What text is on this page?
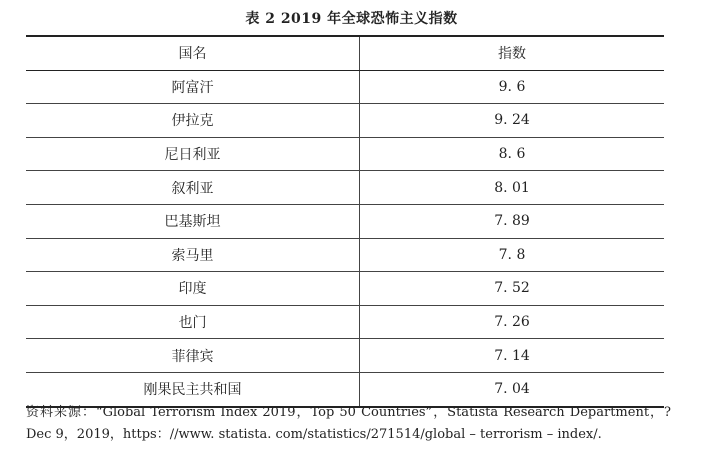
表 2 2019 年全球恐怖主义指数
国名	指数
阿富汗	9. 6
伊拉克	9. 24
尼日利亚	8. 6
叙利亚	8. 01
巴基斯坦	7. 89
索马里	7. 8
印度	7. 52
也门	7. 26
菲律宾	7. 14
刚果民主共和国	7. 04
资料来源：“Global Terrorism Index 2019，Top 50 Countries”，Statista Research Department，? Dec 9，2019，https：//www. statista. com/statistics/271514/global – terrorism – index/.
